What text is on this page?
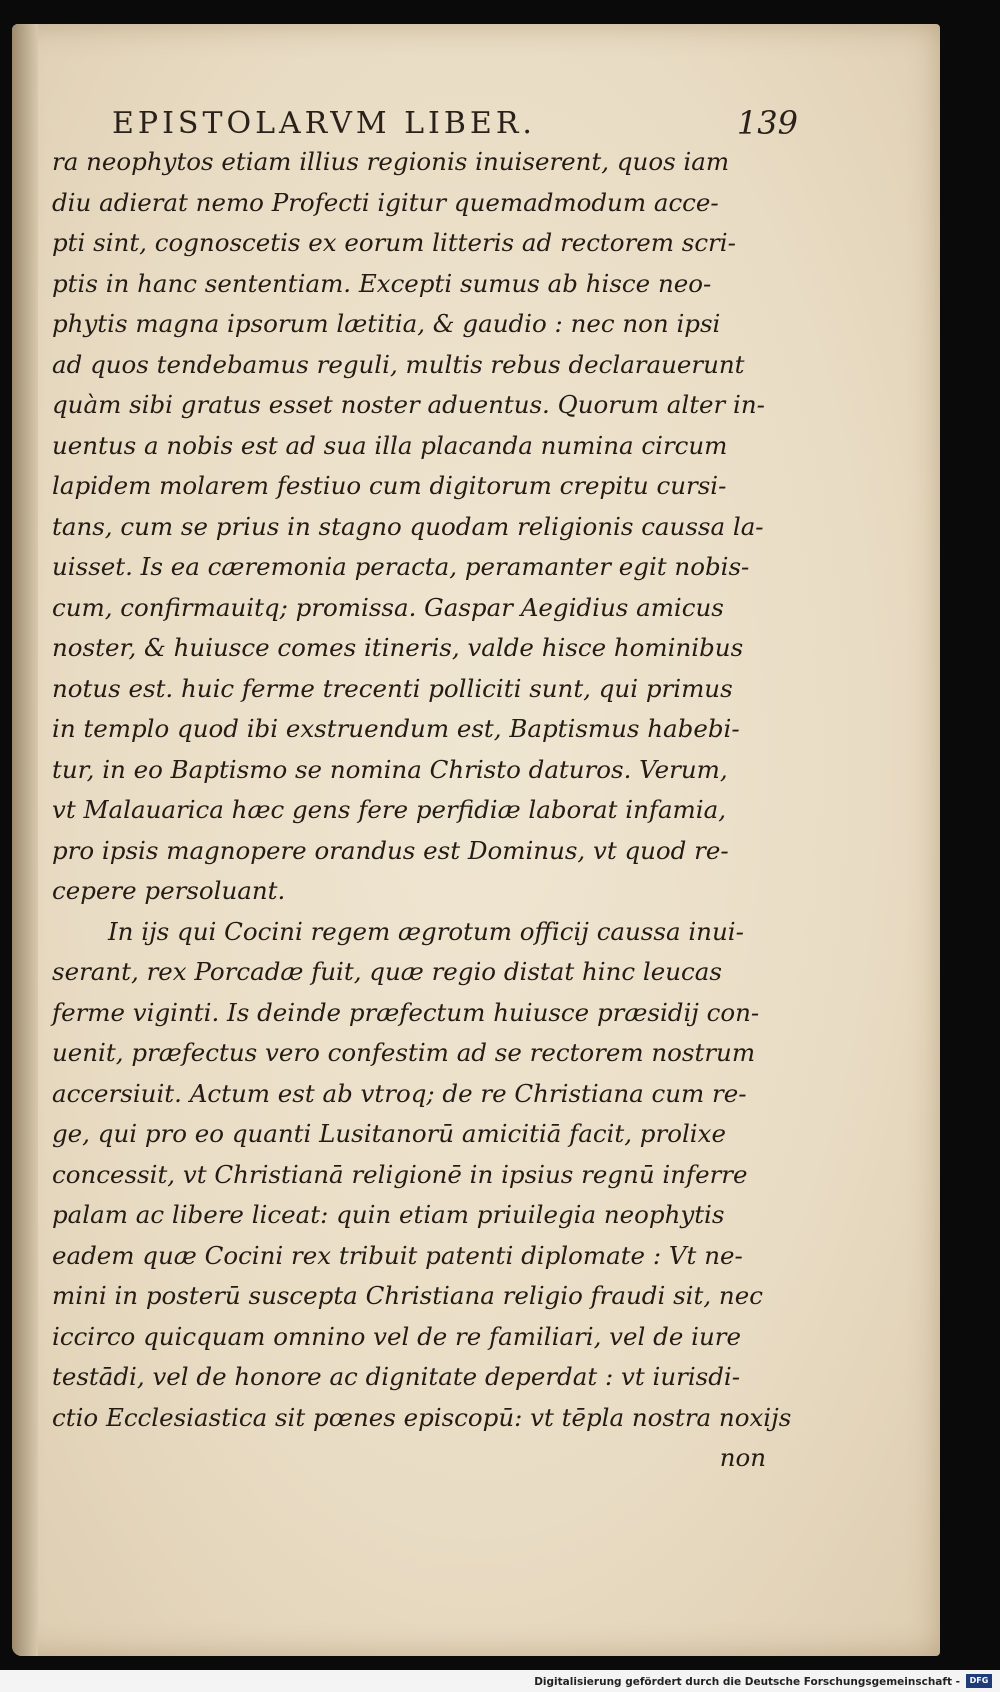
EPISTOLARVM LIBER.	139
ra neophytos etiam illius regionis inuiserent, quos iam
diu adierat nemo Profecti igitur quemadmodum acce-
pti sint, cognoscetis ex eorum litteris ad rectorem scri-
ptis in hanc sententiam. Excepti sumus ab hisce neo-
phytis magna ipsorum lætitia, & gaudio : nec non ipsi
ad quos tendebamus reguli, multis rebus declarauerunt
quàm sibi gratus esset noster aduentus. Quorum alter in-
uentus a nobis est ad sua illa placanda numina circum
lapidem molarem festiuo cum digitorum crepitu cursi-
tans, cum se prius in stagno quodam religionis caussa la-
uisset. Is ea cæremonia peracta, peramanter egit nobis-
cum, confirmauitq; promissa. Gaspar Aegidius amicus
noster, & huiusce comes itineris, valde hisce hominibus
notus est. huic ferme trecenti polliciti sunt, qui primus
in templo quod ibi exstruendum est, Baptismus habebi-
tur, in eo Baptismo se nomina Christo daturos. Verum,
vt Malauarica hæc gens fere perfidiæ laborat infamia,
pro ipsis magnopere orandus est Dominus, vt quod re-
cepere persoluant.
In ijs qui Cocini regem ægrotum officij caussa inui-
serant, rex Porcadæ fuit, quæ regio distat hinc leucas
ferme viginti. Is deinde præfectum huiusce præsidij con-
uenit, præfectus vero confestim ad se rectorem nostrum
accersiuit. Actum est ab vtroq; de re Christiana cum re-
ge, qui pro eo quanti Lusitanorū amicitiā facit, prolixe
concessit, vt Christianā religionē in ipsius regnū inferre
palam ac libere liceat: quin etiam priuilegia neophytis
eadem quæ Cocini rex tribuit patenti diplomate : Vt ne-
mini in posterū suscepta Christiana religio fraudi sit, nec
iccirco quicquam omnino vel de re familiari, vel de iure
testādi, vel de honore ac dignitate deperdat : vt iurisdi-
ctio Ecclesiastica sit pœnes episcopū: vt tēpla nostra noxijs
non
Digitalisierung gefördert durch die Deutsche Forschungsgemeinschaft -	DFG
